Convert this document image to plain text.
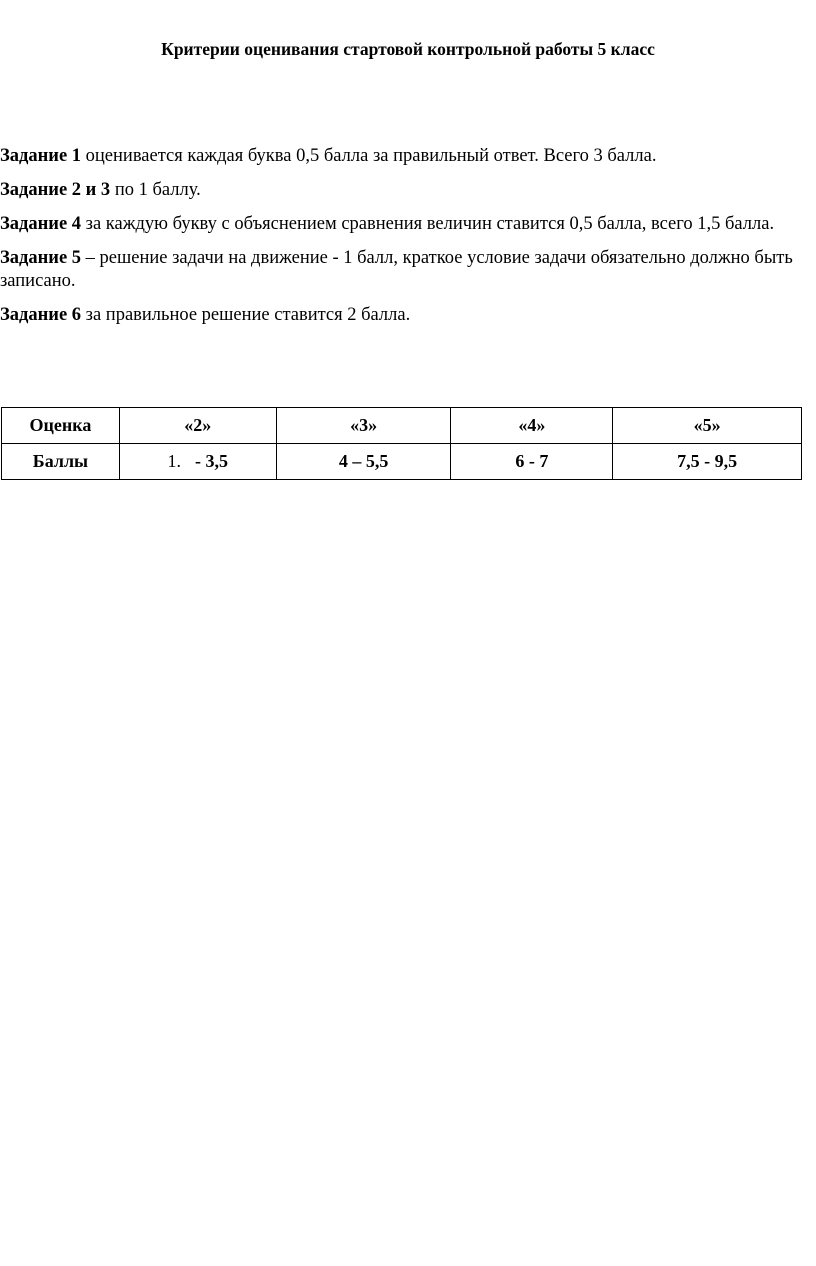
Критерии оценивания стартовой контрольной работы 5 класс

Задание 1 оценивается каждая буква 0,5 балла за правильный ответ. Всего 3 балла.

Задание 2 и 3 по 1 баллу.

Задание 4 за каждую букву с объяснением сравнения величин ставится 0,5 балла, всего 1,5 балла.

Задание 5 – решение задачи на движение - 1 балл, краткое условие задачи обязательно должно быть записано.

Задание 6 за правильное решение ставится 2 балла.

Оценка	«2»	«3»	«4»	«5»
Баллы	1. - 3,5	4 – 5,5	6 - 7	7,5 - 9,5
